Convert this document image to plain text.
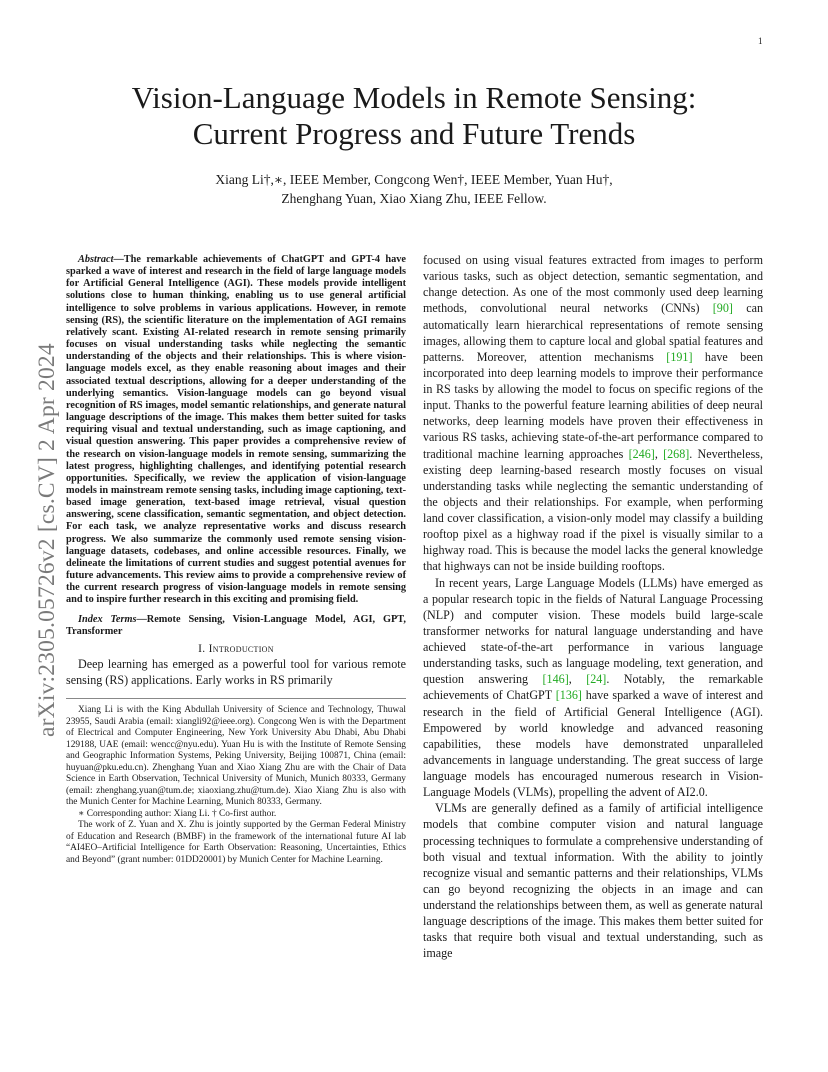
1
arXiv:2305.05726v2 [cs.CV] 2 Apr 2024
Vision-Language Models in Remote Sensing:
Current Progress and Future Trends
Xiang Li†,∗, IEEE Member, Congcong Wen†, IEEE Member, Yuan Hu†,
Zhenghang Yuan, Xiao Xiang Zhu, IEEE Fellow.

Abstract—The remarkable achievements of ChatGPT and GPT-4 have sparked a wave of interest and research in the field of large language models for Artificial General Intelligence (AGI). These models provide intelligent solutions close to human thinking, enabling us to use general artificial intelligence to solve problems in various applications. However, in remote sensing (RS), the scientific literature on the implementation of AGI remains relatively scant. Existing AI-related research in remote sensing primarily focuses on visual understanding tasks while neglecting the semantic understanding of the objects and their relationships. This is where vision-language models excel, as they enable reasoning about images and their associated textual descriptions, allowing for a deeper understanding of the underlying semantics. Vision-language models can go beyond visual recognition of RS images, model semantic relationships, and generate natural language descriptions of the image. This makes them better suited for tasks requiring visual and textual understanding, such as image captioning, and visual question answering. This paper provides a comprehensive review of the research on vision-language models in remote sensing, summarizing the latest progress, highlighting challenges, and identifying potential research opportunities. Specifically, we review the application of vision-language models in mainstream remote sensing tasks, including image captioning, text-based image generation, text-based image retrieval, visual question answering, scene classification, semantic segmentation, and object detection. For each task, we analyze representative works and discuss research progress. We also summarize the commonly used remote sensing vision-language datasets, codebases, and online accessible resources. Finally, we delineate the limitations of current studies and suggest potential avenues for future advancements. This review aims to provide a comprehensive review of the current research progress of vision-language models in remote sensing and to inspire further research in this exciting and promising field.

Index Terms—Remote Sensing, Vision-Language Model, AGI, GPT, Transformer

I. Introduction

Deep learning has emerged as a powerful tool for various remote sensing (RS) applications. Early works in RS primarily

Xiang Li is with the King Abdullah University of Science and Technology, Thuwal 23955, Saudi Arabia (email: xiangli92@ieee.org). Congcong Wen is with the Department of Electrical and Computer Engineering, New York University Abu Dhabi, Abu Dhabi 129188, UAE (email: wencc@nyu.edu). Yuan Hu is with the Institute of Remote Sensing and Geographic Information Systems, Peking University, Beijing 100871, China (email: huyuan@pku.edu.cn). Zhenghang Yuan and Xiao Xiang Zhu are with the Chair of Data Science in Earth Observation, Technical University of Munich, Munich 80333, Germany (email: zhenghang.yuan@tum.de; xiaoxiang.zhu@tum.de). Xiao Xiang Zhu is also with the Munich Center for Machine Learning, Munich 80333, Germany.

∗ Corresponding author: Xiang Li. † Co-first author.

The work of Z. Yuan and X. Zhu is jointly supported by the German Federal Ministry of Education and Research (BMBF) in the framework of the international future AI lab “AI4EO–Artificial Intelligence for Earth Observation: Reasoning, Uncertainties, Ethics and Beyond” (grant number: 01DD20001) by Munich Center for Machine Learning.

focused on using visual features extracted from images to perform various tasks, such as object detection, semantic segmentation, and change detection. As one of the most commonly used deep learning methods, convolutional neural networks (CNNs) [90] can automatically learn hierarchical representations of remote sensing images, allowing them to capture local and global spatial features and patterns. Moreover, attention mechanisms [191] have been incorporated into deep learning models to improve their performance in RS tasks by allowing the model to focus on specific regions of the input. Thanks to the powerful feature learning abilities of deep neural networks, deep learning models have proven their effectiveness in various RS tasks, achieving state-of-the-art performance compared to traditional machine learning approaches [246], [268]. Nevertheless, existing deep learning-based research mostly focuses on visual understanding tasks while neglecting the semantic understanding of the objects and their relationships. For example, when performing land cover classification, a vision-only model may classify a building rooftop pixel as a highway road if the pixel is visually similar to a highway road. This is because the model lacks the general knowledge that highways can not be inside building rooftops.

In recent years, Large Language Models (LLMs) have emerged as a popular research topic in the fields of Natural Language Processing (NLP) and computer vision. These models build large-scale transformer networks for natural language understanding and have achieved state-of-the-art performance in various language understanding tasks, such as language modeling, text generation, and question answering [146], [24]. Notably, the remarkable achievements of ChatGPT [136] have sparked a wave of interest and research in the field of Artificial General Intelligence (AGI). Empowered by world knowledge and advanced reasoning capabilities, these models have demonstrated unparalleled advancements in language understanding. The great success of large language models has encouraged numerous research in Vision-Language Models (VLMs), propelling the advent of AI2.0.

VLMs are generally defined as a family of artificial intelligence models that combine computer vision and natural language processing techniques to formulate a comprehensive understanding of both visual and textual information. With the ability to jointly recognize visual and semantic patterns and their relationships, VLMs can go beyond recognizing the objects in an image and can understand the relationships between them, as well as generate natural language descriptions of the image. This makes them better suited for tasks that require both visual and textual understanding, such as image
